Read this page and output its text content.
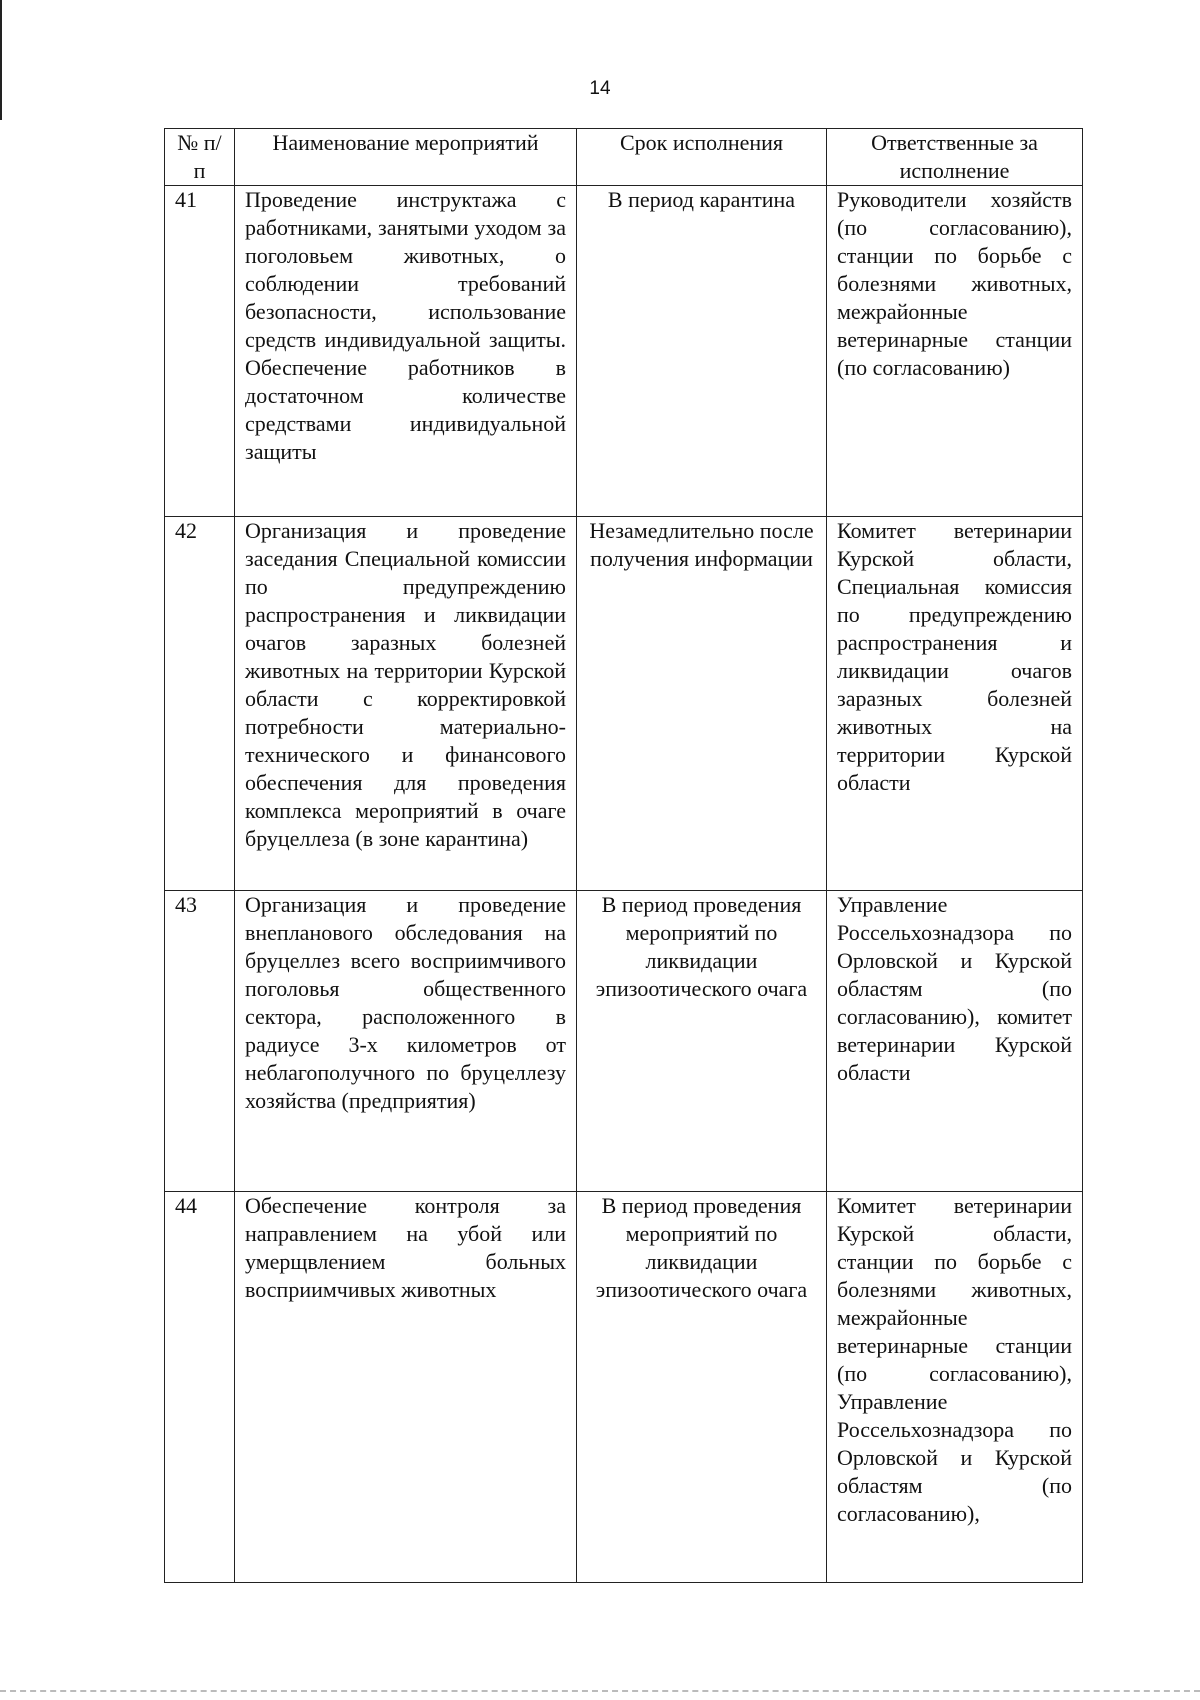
14
№ п/п	Наименование мероприятий	Срок исполнения	Ответственные за исполнение
41	Проведение инструктажа с работниками, занятыми уходом за поголовьем животных, о соблюдении требований безопасности, использование средств индивидуальной защиты. Обеспечение работников в достаточном количестве средствами индивидуальной защиты	В период карантина	Руководители хозяйств (по согласованию), станции по борьбе с болезнями животных, межрайонные ветеринарные станции (по согласованию)
42	Организация и проведение заседания Специальной комиссии по предупреждению распространения и ликвидации очагов заразных болезней животных на территории Курской области с корректировкой потребности материально-технического и финансового обеспечения для проведения комплекса мероприятий в очаге бруцеллеза (в зоне карантина)	Незамедлительно после получения информации	Комитет ветеринарии Курской области, Специальная комиссия по предупреждению распространения и ликвидации очагов заразных болезней животных на территории Курской области
43	Организация и проведение внепланового обследования на бруцеллез всего восприимчивого поголовья общественного сектора, расположенного в радиусе 3-х километров от неблагополучного по бруцеллезу хозяйства (предприятия)	В период проведения мероприятий по ликвидации эпизоотического очага	Управление Россельхознадзора по Орловской и Курской областям (по согласованию), комитет ветеринарии Курской области
44	Обеспечение контроля за направлением на убой или умерщвлением больных восприимчивых животных	В период проведения мероприятий по ликвидации эпизоотического очага	Комитет ветеринарии Курской области, станции по борьбе с болезнями животных, межрайонные ветеринарные станции (по согласованию), Управление Россельхознадзора по Орловской и Курской областям (по согласованию),
